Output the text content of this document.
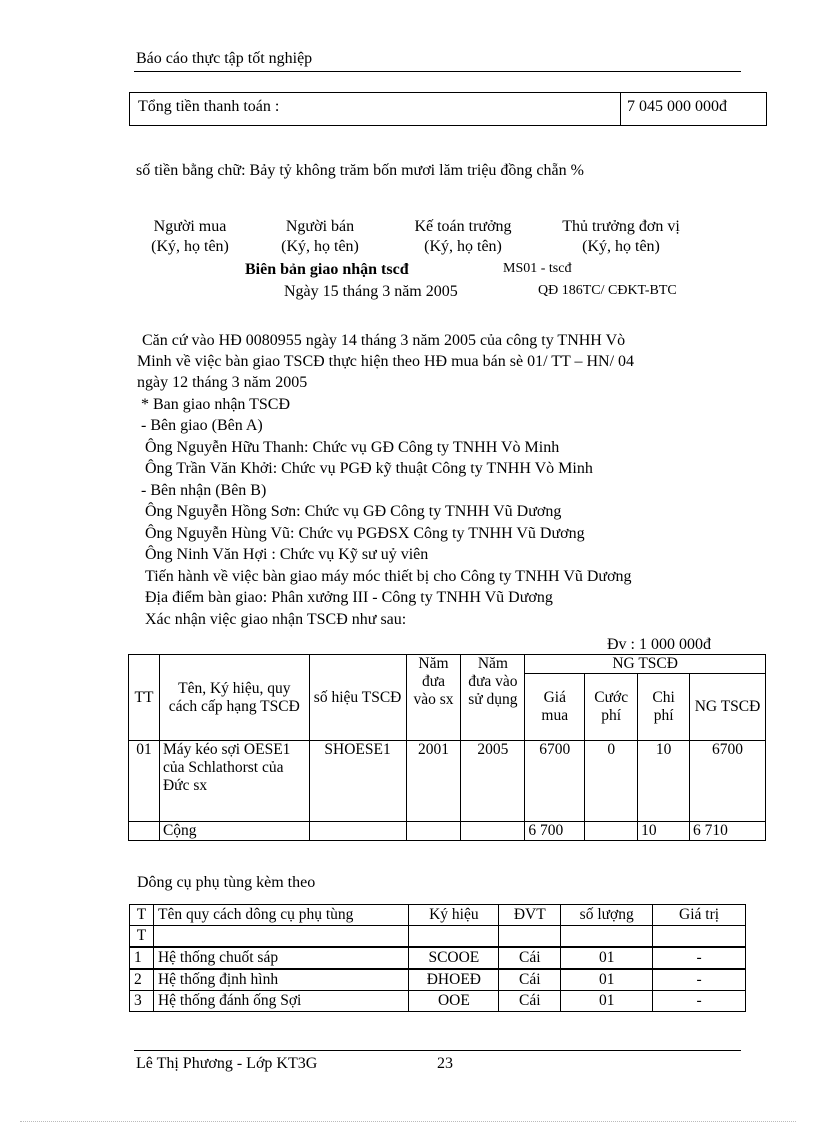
Báo cáo thực tập tốt nghiệp
Tổng tiền thanh toán :	7 045 000 000đ
số tiền bằng chữ: Bảy tỷ không trăm bốn mươi lăm triệu đồng chẵn %
Người mua
(Ký, họ tên)
Người bán
(Ký, họ tên)
Kế toán trưởng
(Ký, họ tên)
Thủ trưởng đơn vị
(Ký, họ tên)
Biên bản giao nhận tscđ	MS01 - tscđ
Ngày 15 tháng 3 năm 2005	QĐ 186TC/ CĐKT-BTC
Căn cứ vào HĐ 0080955 ngày 14 tháng 3 năm 2005 của công ty TNHH Vò
Minh về việc bàn giao TSCĐ thực hiện theo HĐ mua bán sè 01/ TT – HN/ 04
ngày 12 tháng 3 năm 2005
* Ban giao nhận TSCĐ
- Bên giao (Bên A)
Ông Nguyễn Hữu Thanh: Chức vụ GĐ Công ty TNHH Vò Minh
Ông Trần Văn Khởi: Chức vụ PGĐ kỹ thuật Công ty TNHH Vò Minh
- Bên nhận (Bên B)
Ông Nguyễn Hồng Sơn: Chức vụ GĐ Công ty TNHH Vũ Dương
Ông Nguyễn Hùng Vũ: Chức vụ PGĐSX Công ty TNHH Vũ Dương
Ông Ninh Văn Hợi : Chức vụ Kỹ sư uỷ viên
Tiến hành về việc bàn giao máy móc thiết bị cho Công ty TNHH Vũ Dương
Địa điểm bàn giao: Phân xưởng III - Công ty TNHH Vũ Dương
Xác nhận việc giao nhận TSCĐ như sau:
Đv : 1 000 000đ
TT	Tên, Ký hiệu, quy cách cấp hạng TSCĐ	số hiệu TSCĐ	Năm đưa vào sx	Năm đưa vào sử dụng	NG TSCĐ			
					Giá mua	Cước phí	Chi phí	NG TSCĐ
01	Máy kéo sợi OESE1 của Schlathorst của Đức sx	SHOESE1	2001	2005	6700	0	10	6700
	Cộng				6 700		10	6 710
Dông cụ phụ tùng kèm theo
T	Tên quy cách dông cụ phụ tùng	Ký hiệu	ĐVT	số lượng	Giá trị
T					
1	Hệ thống chuốt sáp	SCOOE	Cái	01	-
2	Hệ thống định hình	ĐHOEĐ	Cái	01	-
3	Hệ thống đánh ống Sợi	OOE	Cái	01	-
Lê Thị Phương - Lớp KT3G	23
